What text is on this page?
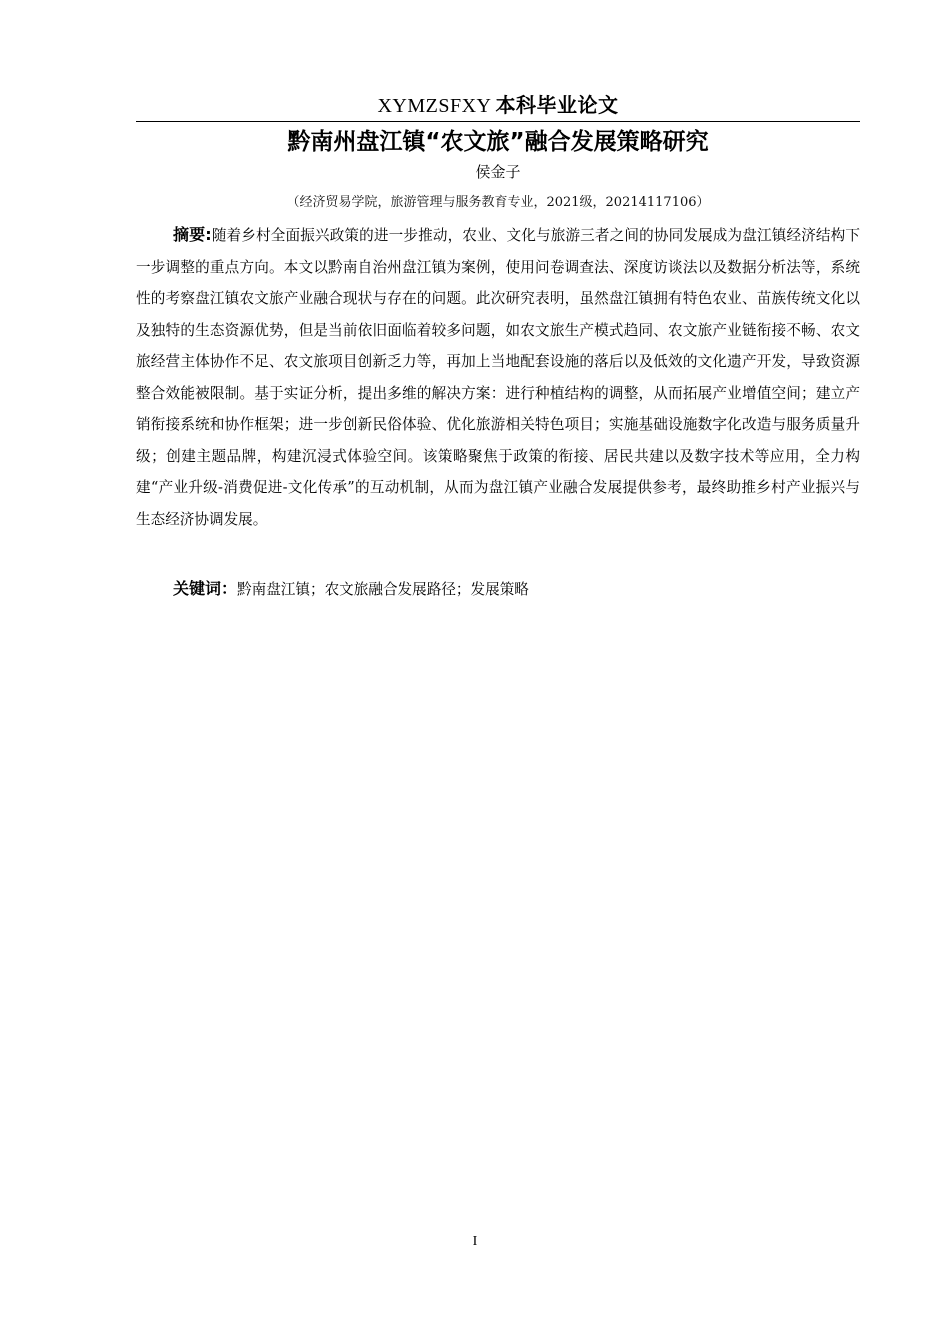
XYMZSFXY 本科毕业论文
黔南州盘江镇“农文旅”融合发展策略研究
侯金子
（经济贸易学院，旅游管理与服务教育专业，2021级，20214117106）

摘要:随着乡村全面振兴政策的进一步推动，农业、文化与旅游三者之间的协同发展成为盘江镇经济结构下一步调整的重点方向。本文以黔南自治州盘江镇为案例，使用问卷调查法、深度访谈法以及数据分析法等，系统性的考察盘江镇农文旅产业融合现状与存在的问题。此次研究表明，虽然盘江镇拥有特色农业、苗族传统文化以及独特的生态资源优势，但是当前依旧面临着较多问题，如农文旅生产模式趋同、农文旅产业链衔接不畅、农文旅经营主体协作不足、农文旅项目创新乏力等，再加上当地配套设施的落后以及低效的文化遗产开发，导致资源整合效能被限制。基于实证分析，提出多维的解决方案：进行种植结构的调整，从而拓展产业增值空间；建立产销衔接系统和协作框架；进一步创新民俗体验、优化旅游相关特色项目；实施基础设施数字化改造与服务质量升级；创建主题品牌，构建沉浸式体验空间。该策略聚焦于政策的衔接、居民共建以及数字技术等应用，全力构建“产业升级-消费促进-文化传承”的互动机制，从而为盘江镇产业融合发展提供参考，最终助推乡村产业振兴与生态经济协调发展。

关键词：黔南盘江镇；农文旅融合发展路径；发展策略

I
